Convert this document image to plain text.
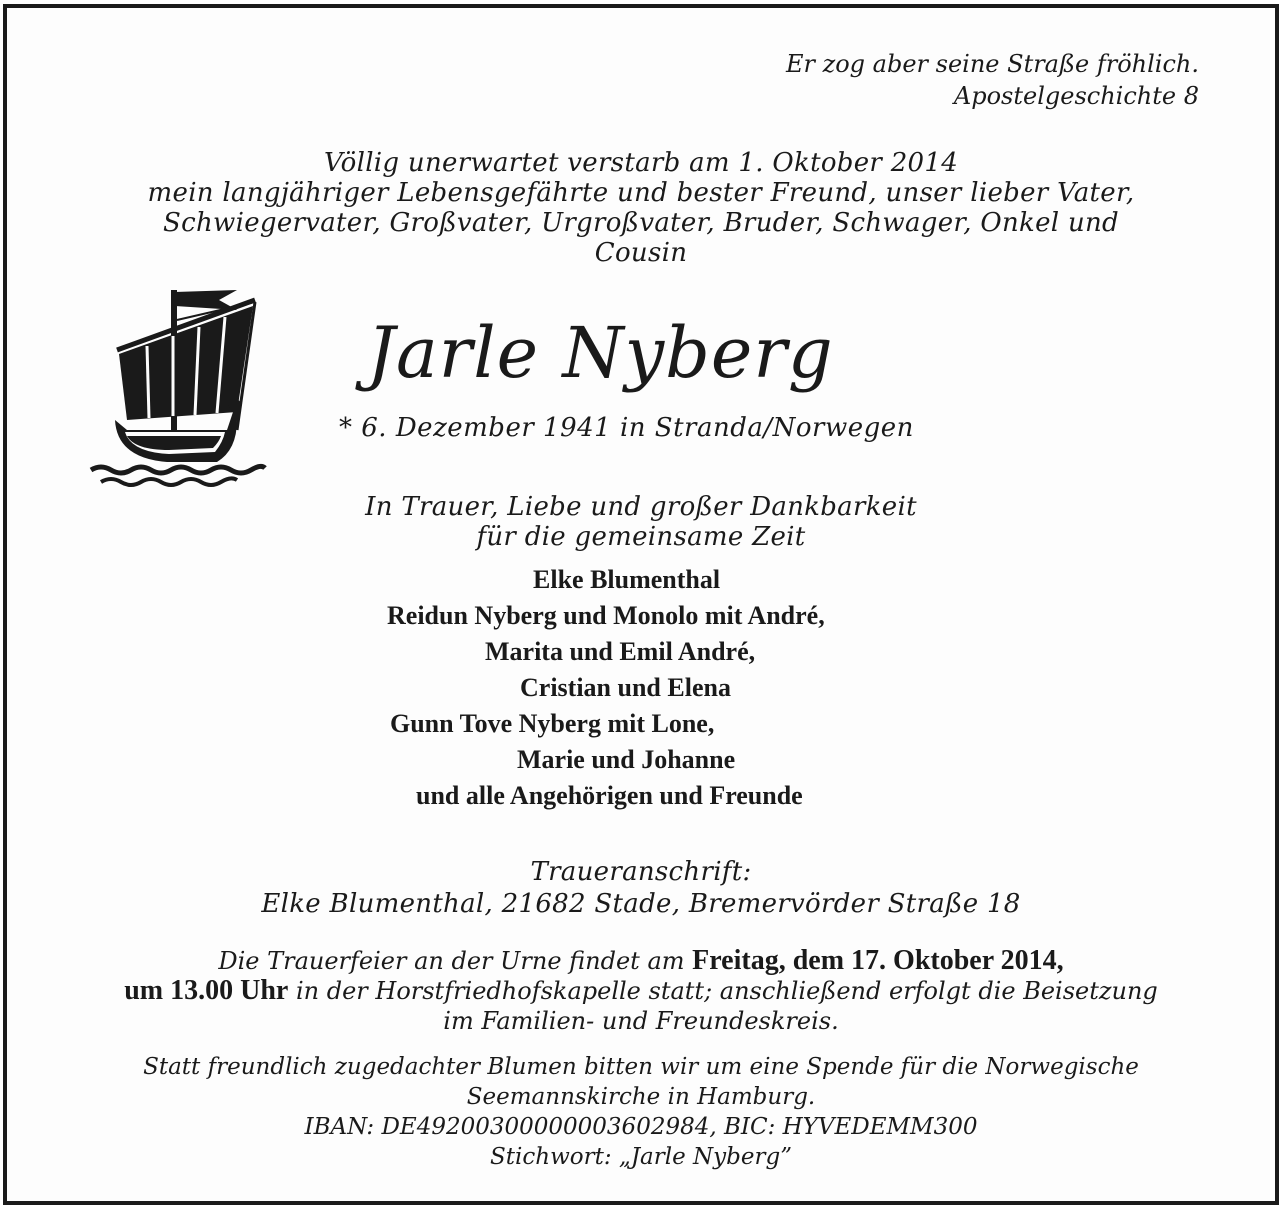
Er zog aber seine Straße fröhlich.
Apostelgeschichte 8
Völlig unerwartet verstarb am 1. Oktober 2014
mein langjähriger Lebensgefährte und bester Freund, unser lieber Vater,
Schwiegervater, Großvater, Urgroßvater, Bruder, Schwager, Onkel und
Cousin
Jarle Nyberg
* 6. Dezember 1941 in Stranda/Norwegen
In Trauer, Liebe und großer Dankbarkeit
für die gemeinsame Zeit
Elke Blumenthal
Reidun Nyberg und Monolo mit André,
Marita und Emil André,
Cristian und Elena
Gunn Tove Nyberg mit Lone,
Marie und Johanne
und alle Angehörigen und Freunde
Traueranschrift:
Elke Blumenthal, 21682 Stade, Bremervörder Straße 18
Die Trauerfeier an der Urne findet am Freitag, dem 17. Oktober 2014,
um 13.00 Uhr in der Horstfriedhofskapelle statt; anschließend erfolgt die Beisetzung
im Familien- und Freundeskreis.
Statt freundlich zugedachter Blumen bitten wir um eine Spende für die Norwegische
Seemannskirche in Hamburg.
IBAN: DE49200300000003602984, BIC: HYVEDEMM300
Stichwort: „Jarle Nyberg”
